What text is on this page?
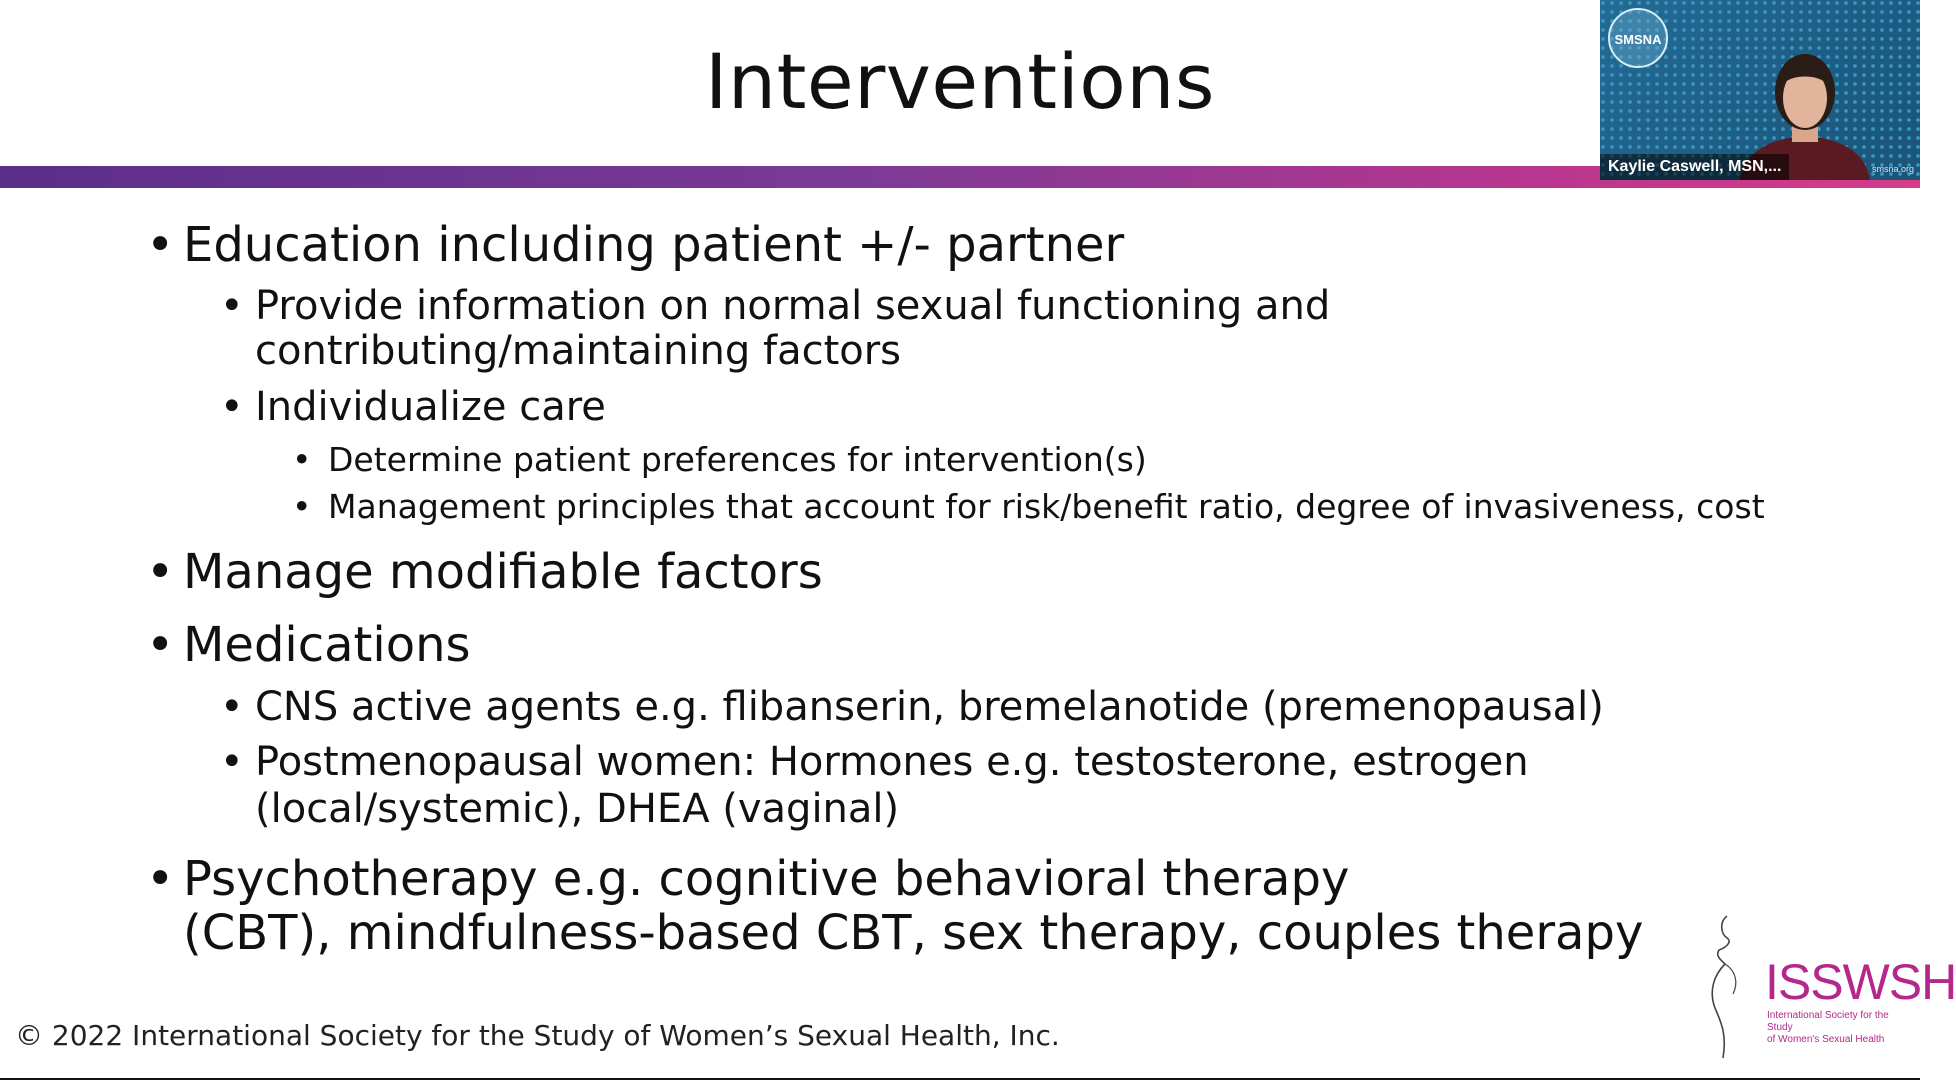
Interventions
• Education including patient +/- partner
• Provide information on normal sexual functioning and
contributing/maintaining factors
• Individualize care
• Determine patient preferences for intervention(s)
• Management principles that account for risk/benefit ratio, degree of invasiveness, cost
• Manage modifiable factors
• Medications
• CNS active agents e.g. flibanserin, bremelanotide (premenopausal)
• Postmenopausal women: Hormones e.g. testosterone, estrogen
(local/systemic), DHEA (vaginal)
• Psychotherapy e.g. cognitive behavioral therapy
(CBT), mindfulness-based CBT, sex therapy, couples therapy
© 2022 International Society for the Study of Women’s Sexual Health, Inc.
ISSWSH
International Society for the Study
of Women's Sexual Health
SMSNA
Kaylie Caswell, MSN,...	smsna.org
